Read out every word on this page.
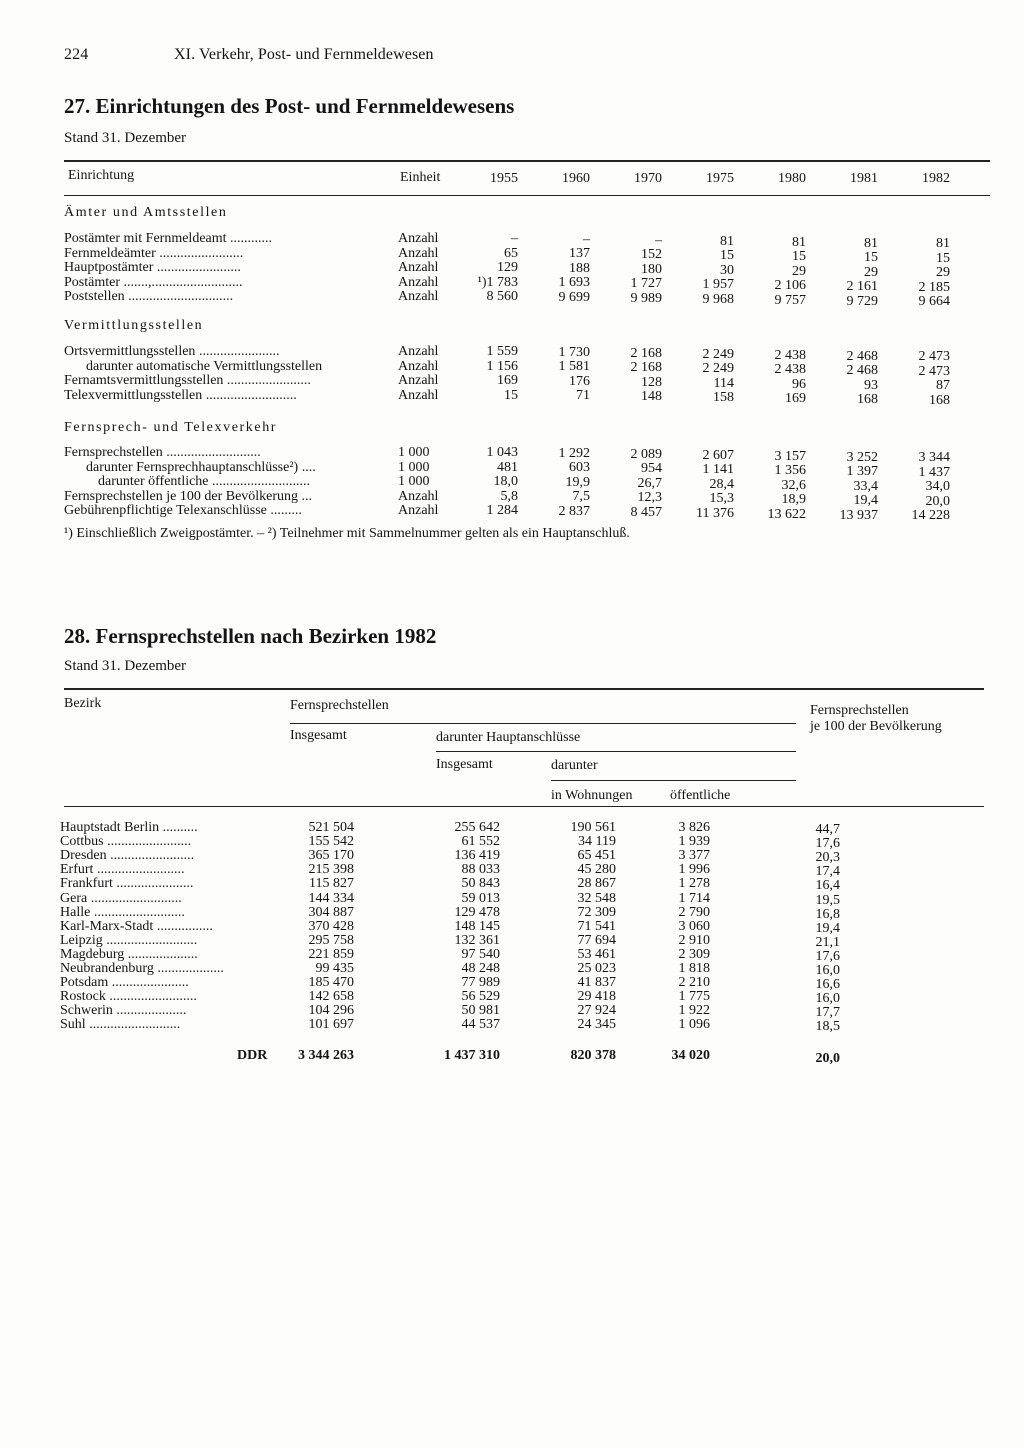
224	XI. Verkehr, Post- und Fernmeldewesen
27. Einrichtungen des Post- und Fernmeldewesens
Stand 31. Dezember
Einrichtung	Einheit	1955	1960	1970	1975	1980	1981	1982
Ämter und Amtsstellen
Postämter mit Fernmeldeamt ............	Anzahl	–	–	–	81	81	81	81
Fernmeldeämter ........................	Anzahl	65	137	152	15	15	15	15
Hauptpostämter ........................	Anzahl	129	188	180	30	29	29	29
Postämter .......,..........................	Anzahl	¹)1 783	1 693	1 727	1 957	2 106	2 161	2 185
Poststellen ..............................	Anzahl	8 560	9 699	9 989	9 968	9 757	9 729	9 664
Vermittlungsstellen
Ortsvermittlungsstellen .......................	Anzahl	1 559	1 730	2 168	2 249	2 438	2 468	2 473
darunter automatische Vermittlungsstellen	Anzahl	1 156	1 581	2 168	2 249	2 438	2 468	2 473
Fernamtsvermittlungsstellen ........................	Anzahl	169	176	128	114	96	93	87
Telexvermittlungsstellen ..........................	Anzahl	15	71	148	158	169	168	168
Fernsprech- und Telexverkehr
Fernsprechstellen ...........................	1 000	1 043	1 292	2 089	2 607	3 157	3 252	3 344
darunter Fernsprechhauptanschlüsse²) ....	1 000	481	603	954	1 141	1 356	1 397	1 437
darunter öffentliche ............................	1 000	18,0	19,9	26,7	28,4	32,6	33,4	34,0
Fernsprechstellen je 100 der Bevölkerung ...	Anzahl	5,8	7,5	12,3	15,3	18,9	19,4	20,0
Gebührenpflichtige Telexanschlüsse .........	Anzahl	1 284	2 837	8 457	11 376	13 622	13 937	14 228
¹) Einschließlich Zweigpostämter. – ²) Teilnehmer mit Sammelnummer gelten als ein Hauptanschluß.
28. Fernsprechstellen nach Bezirken 1982
Stand 31. Dezember
Bezirk	Fernsprechstellen	Fernsprechstellen
je 100 der Bevölkerung
Insgesamt	darunter Hauptanschlüsse
Insgesamt	darunter
in Wohnungen	öffentliche
Hauptstadt Berlin ..........	521 504	255 642	190 561	3 826	44,7
Cottbus ........................	155 542	61 552	34 119	1 939	17,6
Dresden ........................	365 170	136 419	65 451	3 377	20,3
Erfurt .........................	215 398	88 033	45 280	1 996	17,4
Frankfurt ......................	115 827	50 843	28 867	1 278	16,4
Gera ..........................	144 334	59 013	32 548	1 714	19,5
Halle ..........................	304 887	129 478	72 309	2 790	16,8
Karl-Marx-Stadt ................	370 428	148 145	71 541	3 060	19,4
Leipzig ..........................	295 758	132 361	77 694	2 910	21,1
Magdeburg ....................	221 859	97 540	53 461	2 309	17,6
Neubrandenburg ...................	99 435	48 248	25 023	1 818	16,0
Potsdam ......................	185 470	77 989	41 837	2 210	16,6
Rostock .........................	142 658	56 529	29 418	1 775	16,0
Schwerin ....................	104 296	50 981	27 924	1 922	17,7
Suhl ..........................	101 697	44 537	24 345	1 096	18,5
DDR	3 344 263	1 437 310	820 378	34 020	20,0
